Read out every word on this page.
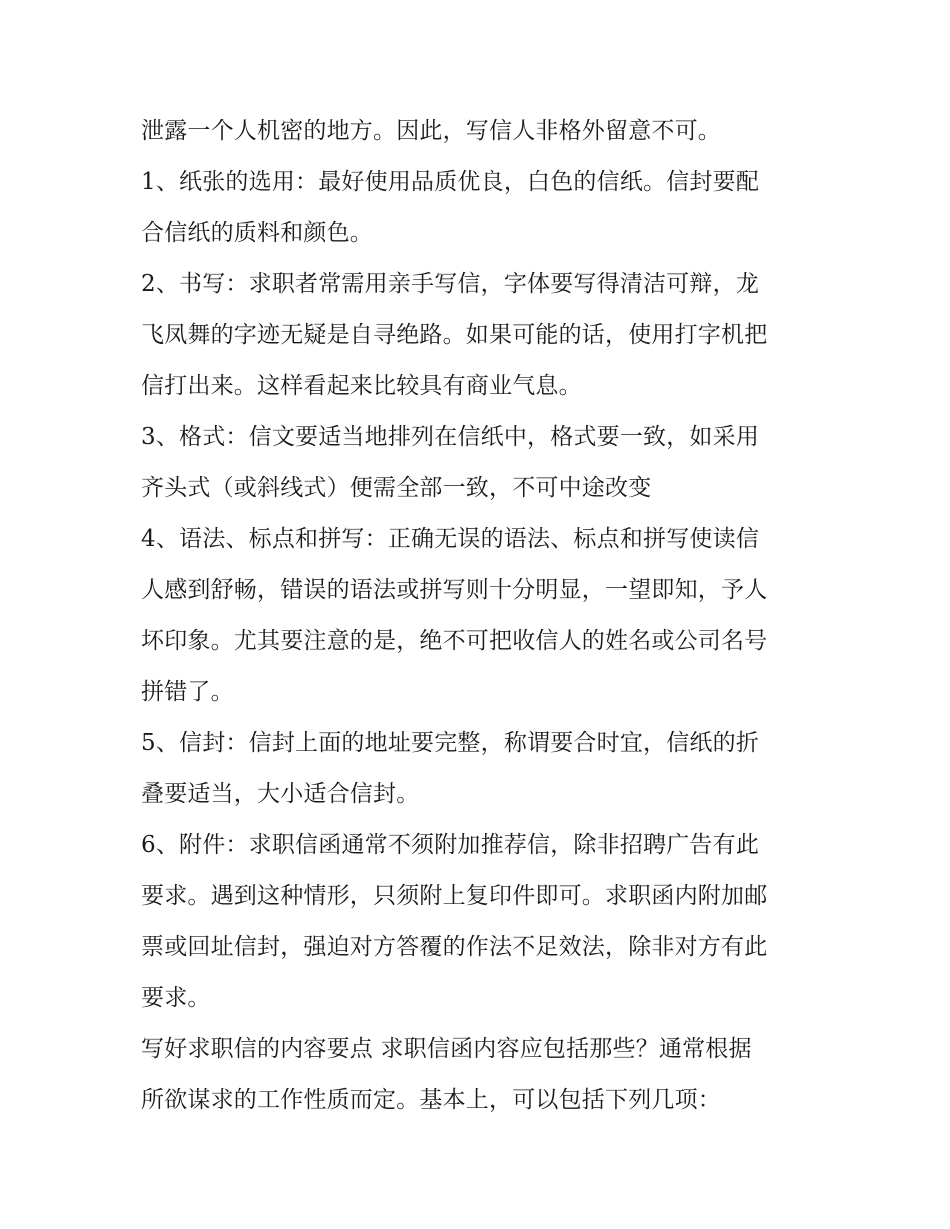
泄露一个人机密的地方。因此，写信人非格外留意不可。
1、纸张的选用：最好使用品质优良，白色的信纸。信封要配
合信纸的质料和颜色。
2、书写：求职者常需用亲手写信，字体要写得清洁可辩，龙
飞凤舞的字迹无疑是自寻绝路。如果可能的话，使用打字机把
信打出来。这样看起来比较具有商业气息。
3、格式：信文要适当地排列在信纸中，格式要一致，如采用
齐头式（或斜线式）便需全部一致，不可中途改变
4、语法、标点和拼写：正确无误的语法、标点和拼写使读信
人感到舒畅，错误的语法或拼写则十分明显，一望即知，予人
坏印象。尤其要注意的是，绝不可把收信人的姓名或公司名号
拼错了。
5、信封：信封上面的地址要完整，称谓要合时宜，信纸的折
叠要适当，大小适合信封。
6、附件：求职信函通常不须附加推荐信，除非招聘广告有此
要求。遇到这种情形，只须附上复印件即可。求职函内附加邮
票或回址信封，强迫对方答覆的作法不足效法，除非对方有此
要求。
写好求职信的内容要点 求职信函内容应包括那些？通常根据
所欲谋求的工作性质而定。基本上，可以包括下列几项：
